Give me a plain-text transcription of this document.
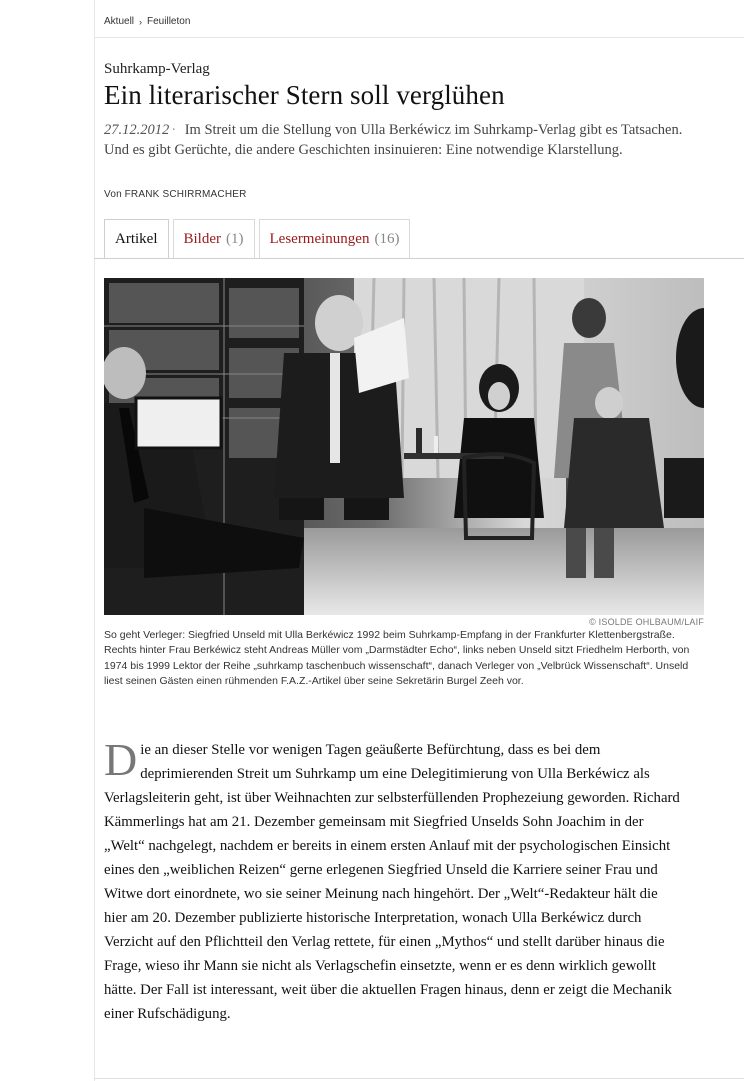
Aktuell › Feuilleton
Suhrkamp-Verlag
Ein literarischer Stern soll verglühen
27.12.2012 · Im Streit um die Stellung von Ulla Berkéwicz im Suhrkamp-Verlag gibt es Tatsachen. Und es gibt Gerüchte, die andere Geschichten insinuieren: Eine notwendige Klarstellung.
Von FRANK SCHIRRMACHER
Artikel Bilder (1) Lesermeinungen (16)
© ISOLDE OHLBAUM/LAIF
So geht Verleger: Siegfried Unseld mit Ulla Berkéwicz 1992 beim Suhrkamp-Empfang in der Frankfurter Klettenbergstraße. Rechts hinter Frau Berkéwicz steht Andreas Müller vom „Darmstädter Echo“, links neben Unseld sitzt Friedhelm Herborth, von 1974 bis 1999 Lektor der Reihe „suhrkamp taschenbuch wissenschaft“, danach Verleger von „Velbrück Wissenschaft“. Unseld liest seinen Gästen einen rühmenden F.A.Z.-Artikel über seine Sekretärin Burgel Zeeh vor.
Die an dieser Stelle vor wenigen Tagen geäußerte Befürchtung, dass es bei dem deprimierenden Streit um Suhrkamp um eine Delegitimierung von Ulla Berkéwicz als Verlagsleiterin geht, ist über Weihnachten zur selbsterfüllenden Prophezeiung geworden. Richard Kämmerlings hat am 21. Dezember gemeinsam mit Siegfried Unselds Sohn Joachim in der „Welt“ nachgelegt, nachdem er bereits in einem ersten Anlauf mit der psychologischen Einsicht eines den „weiblichen Reizen“ gerne erlegenen Siegfried Unseld die Karriere seiner Frau und Witwe dort einordnete, wo sie seiner Meinung nach hingehört. Der „Welt“-Redakteur hält die hier am 20. Dezember publizierte historische Interpretation, wonach Ulla Berkéwicz durch Verzicht auf den Pflichtteil den Verlag rettete, für einen „Mythos“ und stellt darüber hinaus die Frage, wieso ihr Mann sie nicht als Verlagschefin einsetzte, wenn er es denn wirklich gewollt hätte. Der Fall ist interessant, weit über die aktuellen Fragen hinaus, denn er zeigt die Mechanik einer Rufschädigung.
